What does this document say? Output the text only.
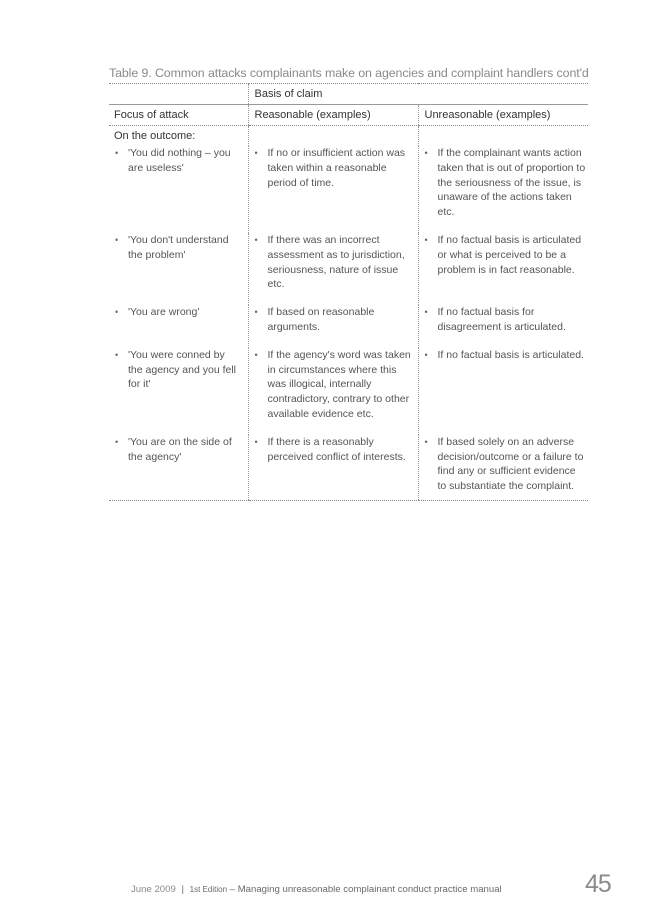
Table 9. Common attacks complainants make on agencies and complaint handlers cont'd
	Basis of claim	
Focus of attack	Reasonable (examples)	Unreasonable (examples)
On the outcome:		

• 'You did nothing – you are useless'	• If no or insufficient action was taken within a reasonable period of time.	• If the complainant wants action taken that is out of proportion to the seriousness of the issue, is unaware of the actions taken etc.

• 'You don't understand the problem'	• If there was an incorrect assessment as to jurisdiction, seriousness, nature of issue etc.	• If no factual basis is articulated or what is perceived to be a problem is in fact reasonable.

• 'You are wrong'	• If based on reasonable arguments.	• If no factual basis for disagreement is articulated.

• 'You were conned by the agency and you fell for it'	• If the agency's word was taken in circumstances where this was illogical, internally contradictory, contrary to other available evidence etc.	• If no factual basis is articulated.

• 'You are on the side of the agency'	• If there is a reasonably perceived conflict of interests.	• If based solely on an adverse decision/outcome or a failure to find any or sufficient evidence to substantiate the complaint.
June 2009 | 1st Edition – Managing unreasonable complainant conduct practice manual	45
